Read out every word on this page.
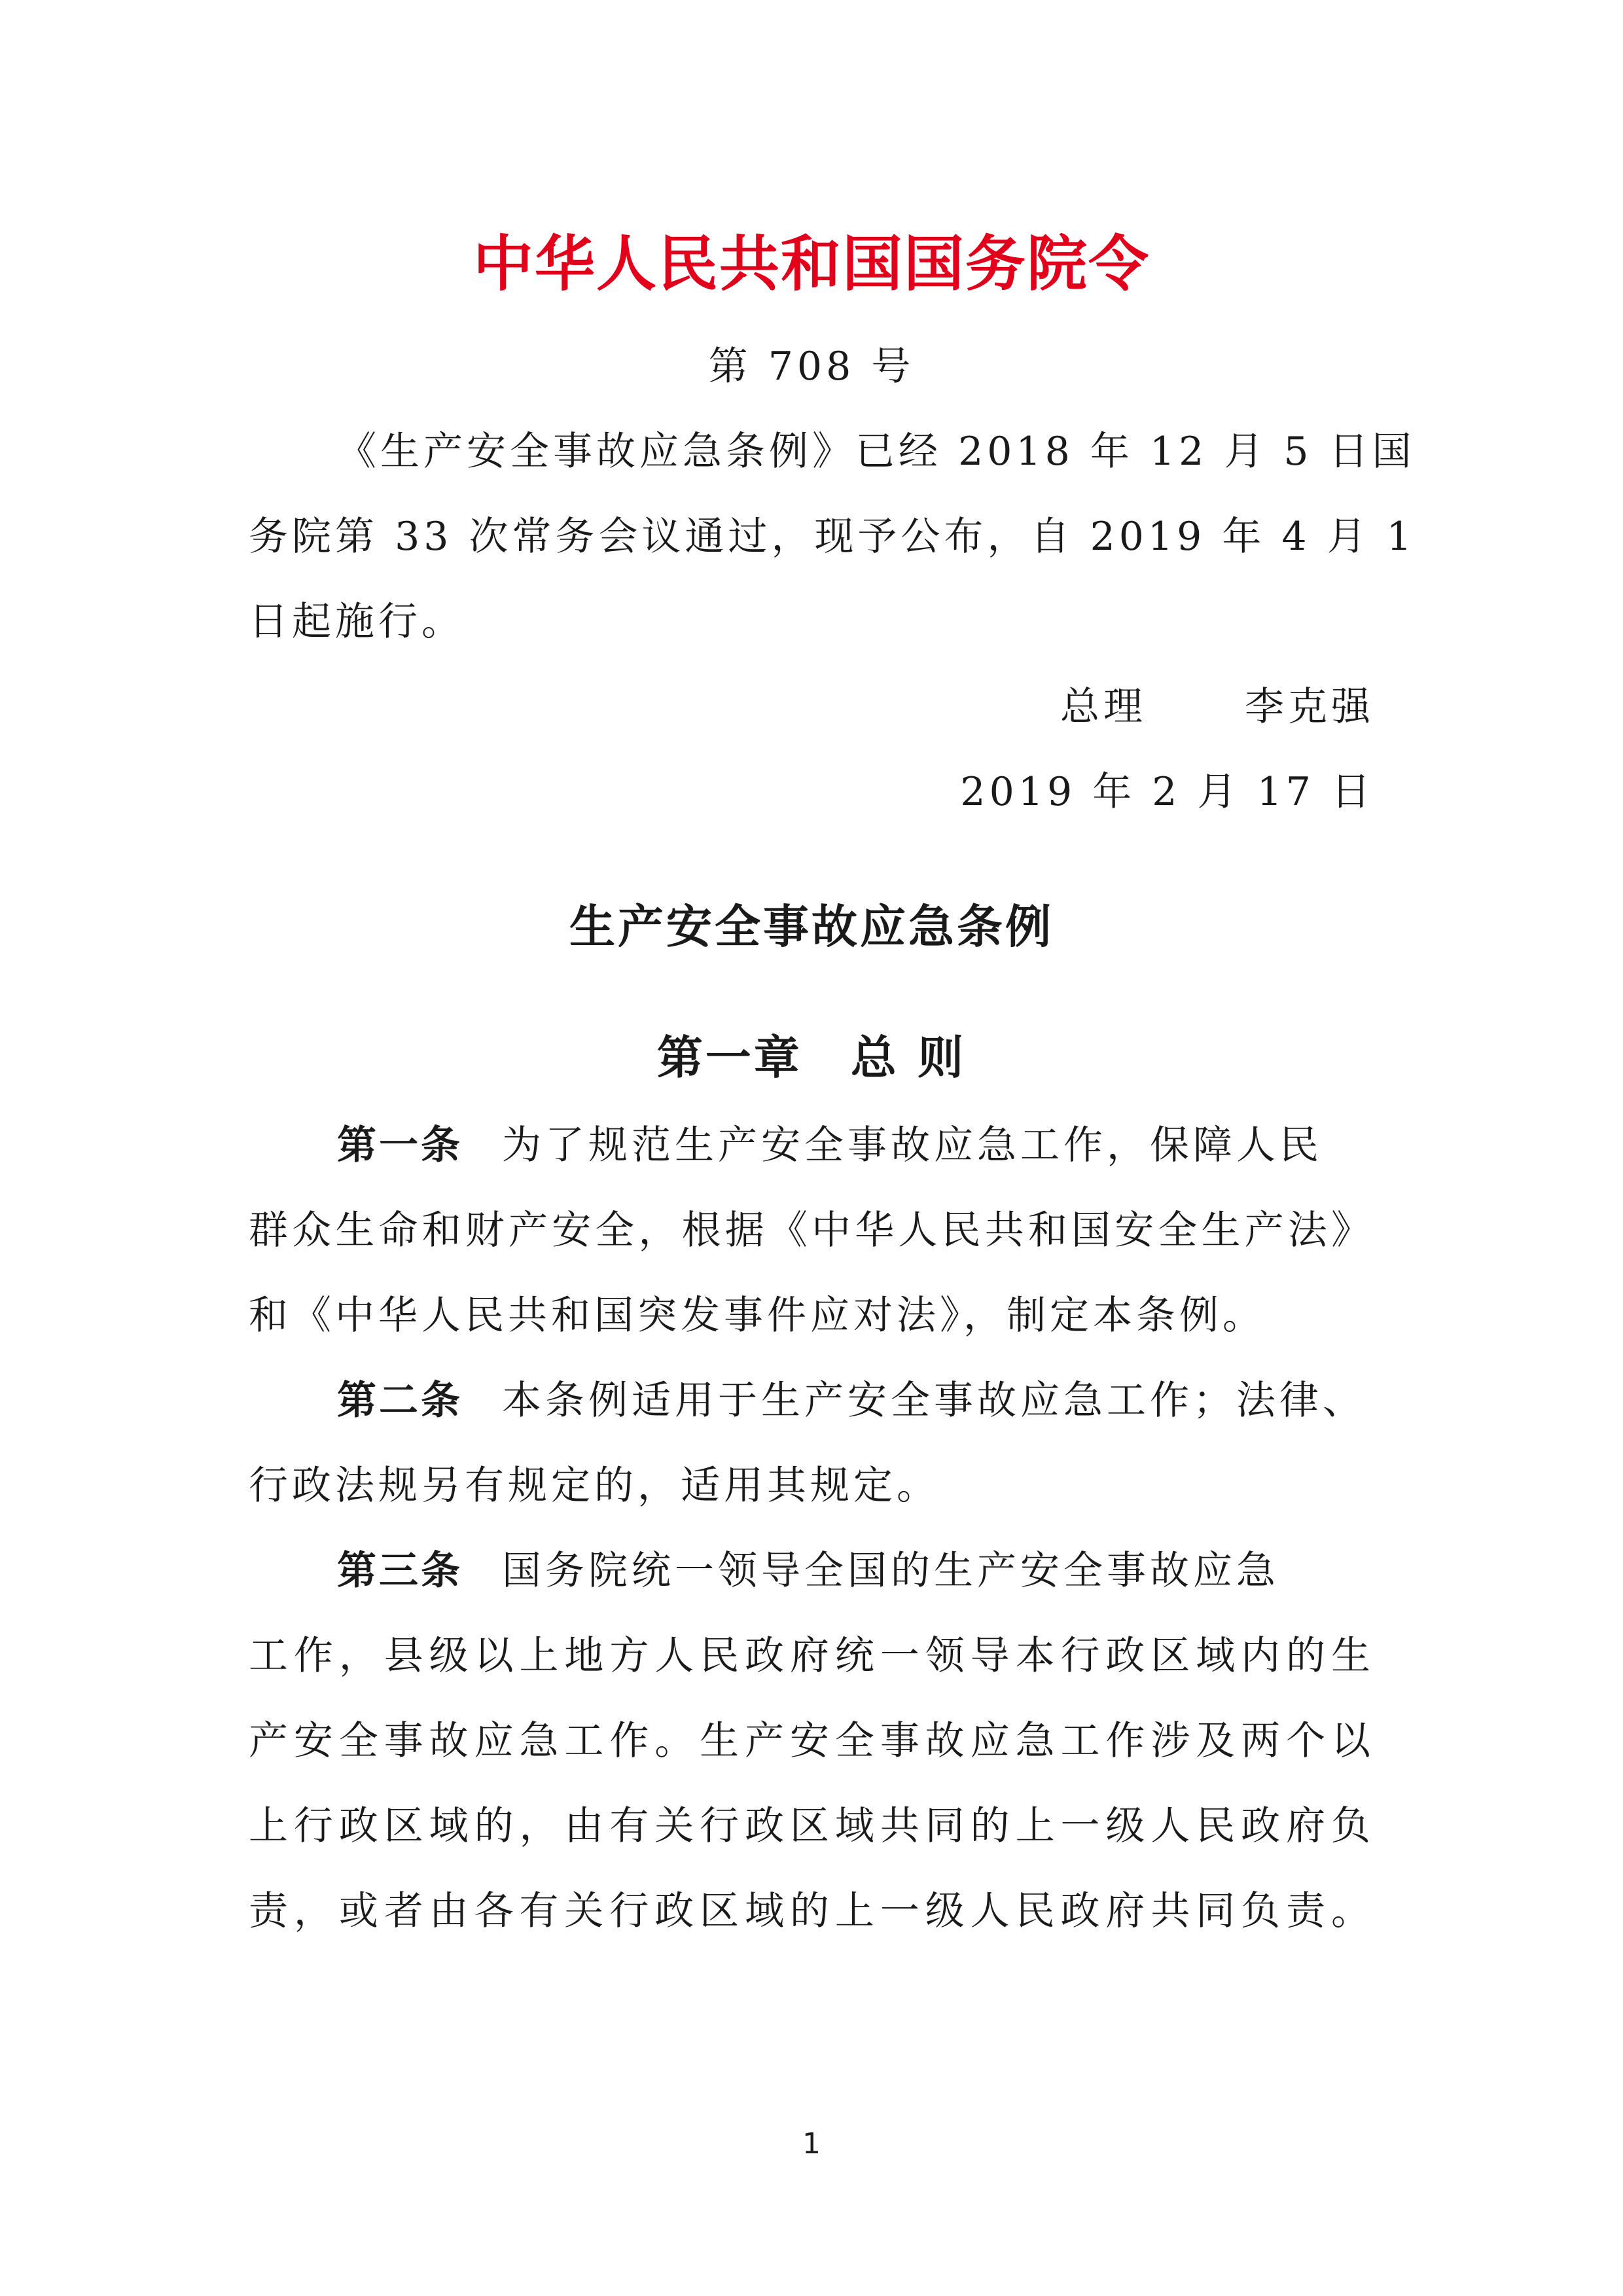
中华人民共和国国务院令
第 708 号
《生产安全事故应急条例》已经 2018 年 12 月 5 日国
务院第 33 次常务会议通过，现予公布，自 2019 年 4 月 1
日起施行。
总理	李克强
2019 年 2 月 17 日
生产安全事故应急条例
第一章　总 则
第一条 为了规范生产安全事故应急工作，保障人民
群众生命和财产安全，根据《中华人民共和国安全生产法》
和《中华人民共和国突发事件应对法》，制定本条例。
第二条 本条例适用于生产安全事故应急工作；法律、
行政法规另有规定的，适用其规定。
第三条 国务院统一领导全国的生产安全事故应急
工作，县级以上地方人民政府统一领导本行政区域内的生
产安全事故应急工作。生产安全事故应急工作涉及两个以
上行政区域的，由有关行政区域共同的上一级人民政府负
责，或者由各有关行政区域的上一级人民政府共同负责。
1
